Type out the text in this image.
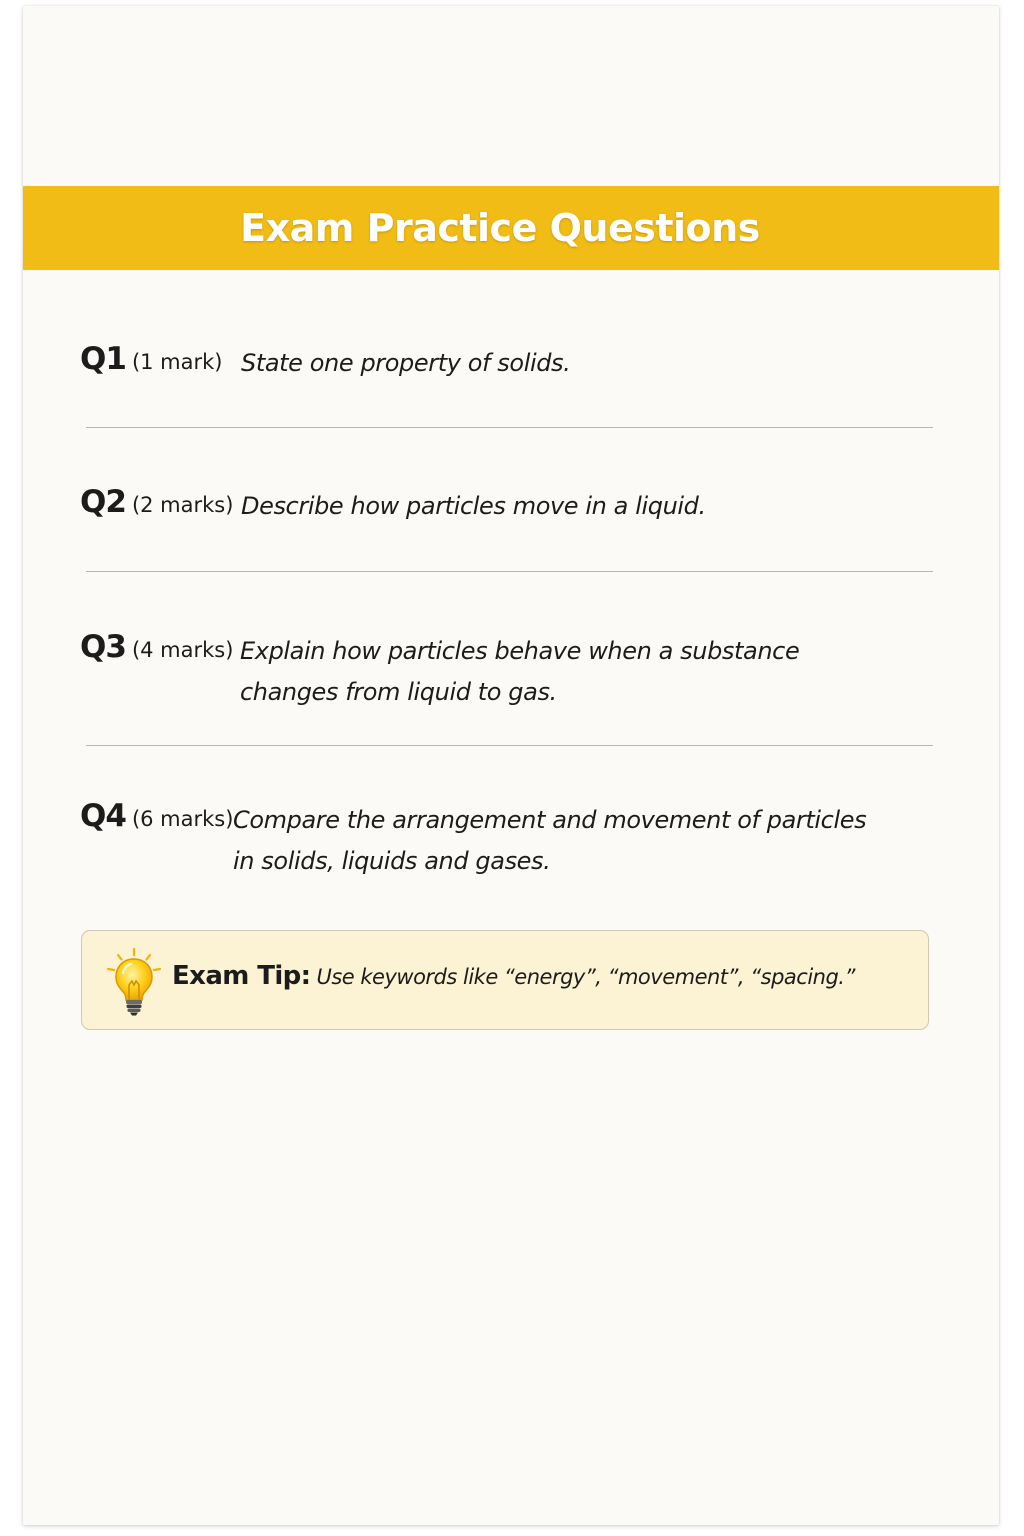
Exam Practice Questions
Q1 (1 mark) State one property of solids.
Q2 (2 marks) Describe how particles move in a liquid.
Q3 (4 marks) Explain how particles behave when a substance
changes from liquid to gas.
Q4 (6 marks) Compare the arrangement and movement of particles
in solids, liquids and gases.
Exam Tip: Use keywords like “energy”, “movement”, “spacing.”
